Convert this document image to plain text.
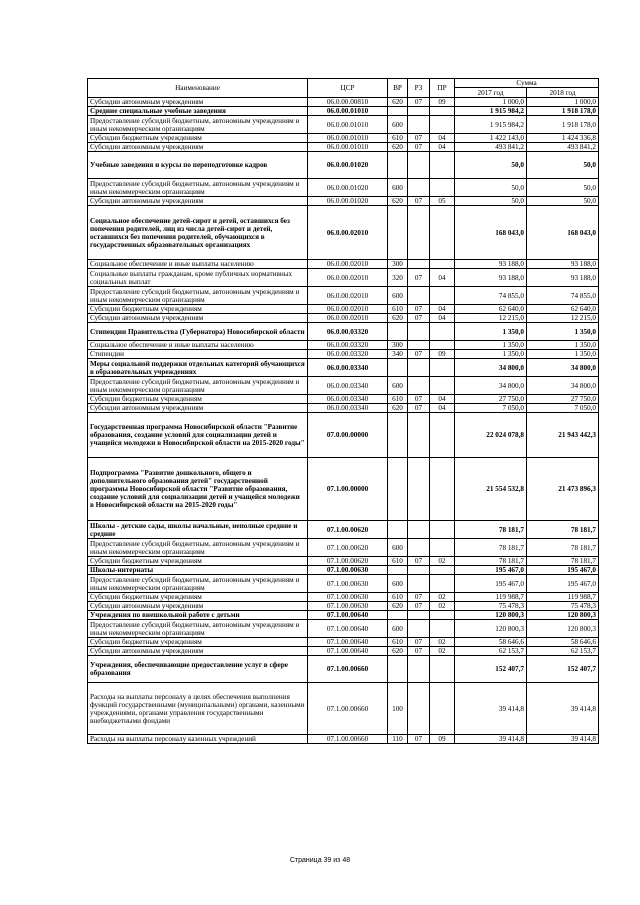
Наименование	ЦСР	ВР	РЗ	ПР	Сумма	
					2017 год	2018 год
Субсидии автономным учреждениям	06.0.00.00810	620	07	09	1 000,0	1 000,0
Средние специальные учебные заведения	06.0.00.01010				1 915 984,2	1 918 178,0
Предоставление субсидий бюджетным, автономным учреждениям и иным некоммерческим организациям	06.0.00.01010	600			1 915 984,2	1 918 178,0
Субсидии бюджетным учреждениям	06.0.00.01010	610	07	04	1 422 143,0	1 424 336,8
Субсидии автономным учреждениям	06.0.00.01010	620	07	04	493 841,2	493 841,2
Учебные заведения и курсы по переподготовке кадров	06.0.00.01020				50,0	50,0
Предоставление субсидий бюджетным, автономным учреждениям и иным некоммерческим организациям	06.0.00.01020	600			50,0	50,0
Субсидии автономным учреждениям	06.0.00.01020	620	07	05	50,0	50,0
Социальное обеспечение детей-сирот и детей, оставшихся без попечения родителей, лиц из числа детей-сирот и детей, оставшихся без попечения родителей, обучающихся в государственных образовательных организациях	06.0.00.02010				168 043,0	168 043,0
Социальное обеспечение и иные выплаты населению	06.0.00.02010	300			93 188,0	93 188,0
Социальные выплаты гражданам, кроме публичных нормативных социальных выплат	06.0.00.02010	320	07	04	93 188,0	93 188,0
Предоставление субсидий бюджетным, автономным учреждениям и иным некоммерческим организациям	06.0.00.02010	600			74 855,0	74 855,0
Субсидии бюджетным учреждениям	06.0.00.02010	610	07	04	62 640,0	62 640,0
Субсидии автономным учреждениям	06.0.00.02010	620	07	04	12 215,0	12 215,0
Стипендии Правительства (Губернатора) Новосибирской области	06.0.00.03320				1 350,0	1 350,0
Социальное обеспечение и иные выплаты населению	06.0.00.03320	300			1 350,0	1 350,0
Стипендии	06.0.00.03320	340	07	09	1 350,0	1 350,0
Меры социальной поддержки отдельных категорий обучающихся в образовательных учреждениях	06.0.00.03340				34 800,0	34 800,0
Предоставление субсидий бюджетным, автономным учреждениям и иным некоммерческим организациям	06.0.00.03340	600			34 800,0	34 800,0
Субсидии бюджетным учреждениям	06.0.00.03340	610	07	04	27 750,0	27 750,0
Субсидии автономным учреждениям	06.0.00.03340	620	07	04	7 050,0	7 050,0
Государственная программа Новосибирской области "Развитие образования, создание условий для социализации детей и учащейся молодежи в Новосибирской области на 2015-2020 годы"	07.0.00.00000				22 024 078,8	21 943 442,3
Подпрограмма "Развитие дошкольного, общего и дополнительного образования детей" государственной программы Новосибирской области "Развитие образования, создание условий для социализации детей и учащейся молодежи в Новосибирской области на 2015-2020 годы"	07.1.00.00000				21 554 532,8	21 473 896,3
Школы - детские сады, школы начальные, неполные средние и средние	07.1.00.00620				78 181,7	78 181,7
Предоставление субсидий бюджетным, автономным учреждениям и иным некоммерческим организациям	07.1.00.00620	600			78 181,7	78 181,7
Субсидии бюджетным учреждениям	07.1.00.00620	610	07	02	78 181,7	78 181,7
Школы-интернаты	07.1.00.00630				195 467,0	195 467,0
Предоставление субсидий бюджетным, автономным учреждениям и иным некоммерческим организациям	07.1.00.00630	600			195 467,0	195 467,0
Субсидии бюджетным учреждениям	07.1.00.00630	610	07	02	119 988,7	119 988,7
Субсидии автономным учреждениям	07.1.00.00630	620	07	02	75 478,3	75 478,3
Учреждения по внешкольной работе с детьми	07.1.00.00640				120 800,3	120 800,3
Предоставление субсидий бюджетным, автономным учреждениям и иным некоммерческим организациям	07.1.00.00640	600			120 800,3	120 800,3
Субсидии бюджетным учреждениям	07.1.00.00640	610	07	02	58 646,6	58 646,6
Субсидии автономным учреждениям	07.1.00.00640	620	07	02	62 153,7	62 153,7
Учреждения, обеспечивающие предоставление услуг в сфере образования	07.1.00.00660				152 407,7	152 407,7
Расходы на выплаты персоналу в целях обеспечения выполнения функций государственными (муниципальными) органами, казенными учреждениями, органами управления государственными внебюджетными фондами	07.1.00.00660	100			39 414,8	39 414,8
Расходы на выплаты персоналу казенных учреждений	07.1.00.00660	110	07	09	39 414,8	39 414,8
Страница 39 из 48
